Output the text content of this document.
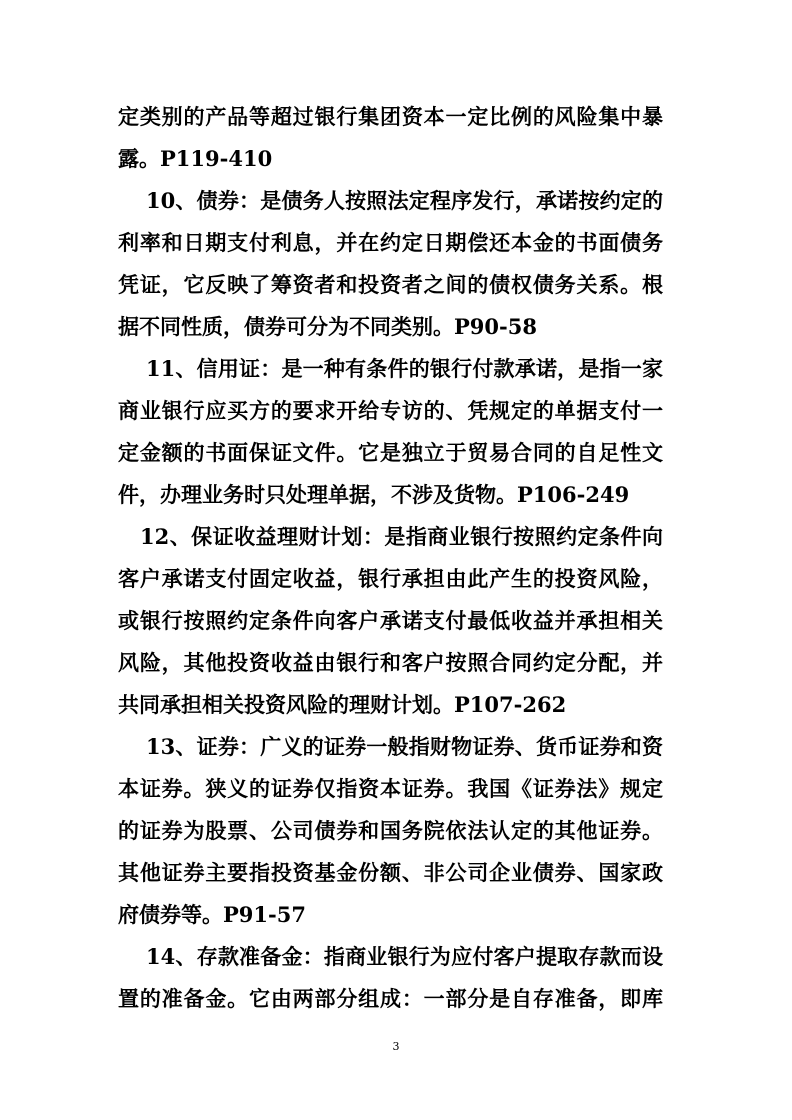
定类别的产品等超过银行集团资本一定比例的风险集中暴
露。P119-410
10、债券：是债务人按照法定程序发行，承诺按约定的
利率和日期支付利息，并在约定日期偿还本金的书面债务
凭证，它反映了筹资者和投资者之间的债权债务关系。根
据不同性质，债券可分为不同类别。P90-58
11、信用证：是一种有条件的银行付款承诺，是指一家
商业银行应买方的要求开给专访的、凭规定的单据支付一
定金额的书面保证文件。它是独立于贸易合同的自足性文
件，办理业务时只处理单据，不涉及货物。P106-249
12、保证收益理财计划：是指商业银行按照约定条件向
客户承诺支付固定收益，银行承担由此产生的投资风险，
或银行按照约定条件向客户承诺支付最低收益并承担相关
风险，其他投资收益由银行和客户按照合同约定分配，并
共同承担相关投资风险的理财计划。P107-262
13、证券：广义的证券一般指财物证券、货币证券和资
本证券。狭义的证券仅指资本证券。我国《证券法》规定
的证券为股票、公司债券和国务院依法认定的其他证券。
其他证券主要指投资基金份额、非公司企业债券、国家政
府债券等。P91-57
14、存款准备金：指商业银行为应付客户提取存款而设
置的准备金。它由两部分组成：一部分是自存准备，即库
3
